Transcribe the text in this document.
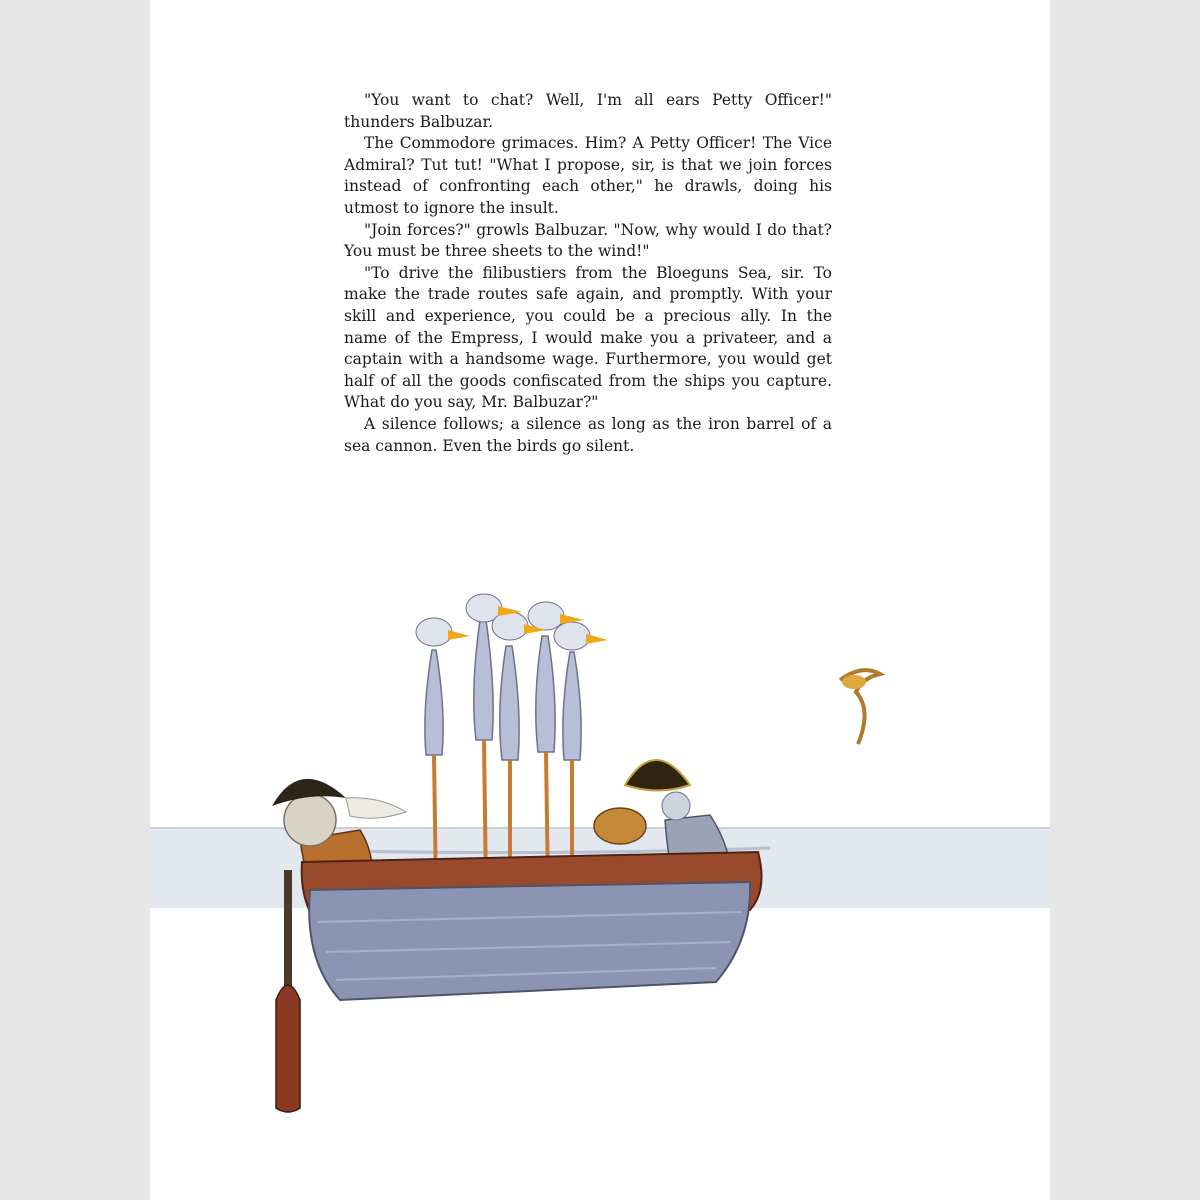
"You want to chat? Well, I'm all ears Petty Officer!" thunders Balbuzar.

The Commodore grimaces. Him? A Petty Officer! The Vice Admiral? Tut tut! "What I propose, sir, is that we join forces instead of confronting each other," he drawls, doing his utmost to ignore the insult.

"Join forces?" growls Balbuzar. "Now, why would I do that? You must be three sheets to the wind!"

"To drive the filibustiers from the Bloeguns Sea, sir. To make the trade routes safe again, and promptly. With your skill and experience, you could be a precious ally. In the name of the Empress, I would make you a privateer, and a captain with a handsome wage. Furthermore, you would get half of all the goods confiscated from the ships you capture. What do you say, Mr. Balbuzar?"

A silence follows; a silence as long as the iron barrel of a sea cannon. Even the birds go silent.
